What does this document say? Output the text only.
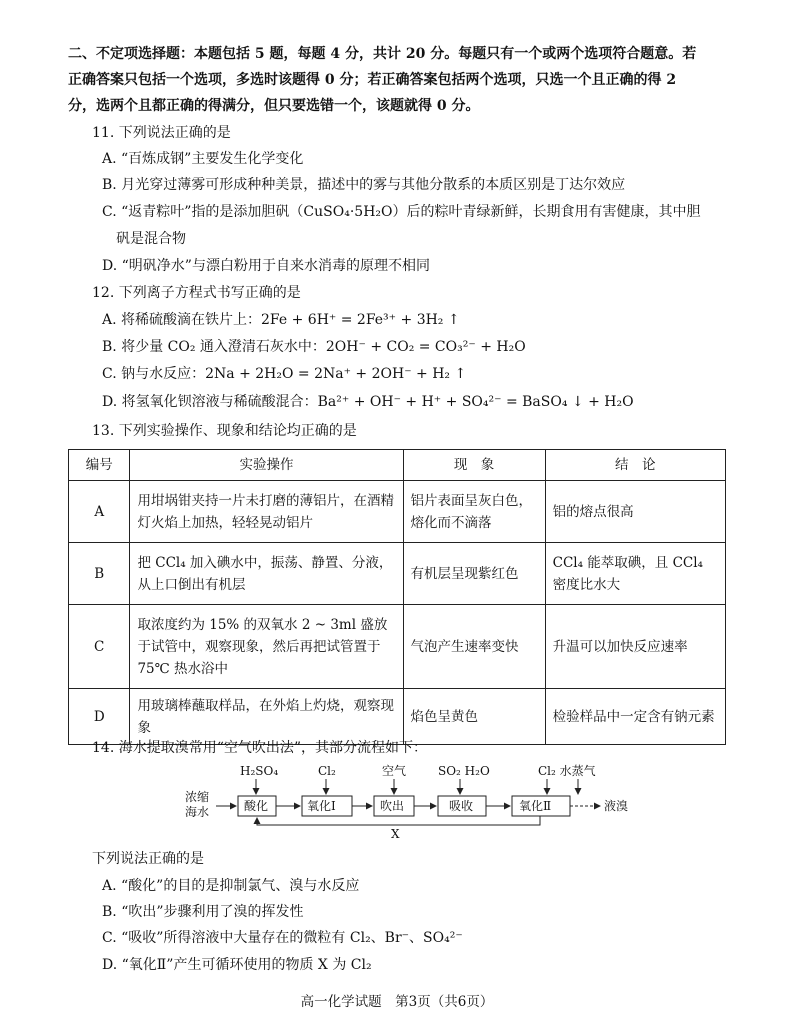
二、不定项选择题：本题包括 5 题，每题 4 分，共计 20 分。每题只有一个或两个选项符合题意。若
正确答案只包括一个选项，多选时该题得 0 分；若正确答案包括两个选项，只选一个且正确的得 2
分，选两个且都正确的得满分，但只要选错一个，该题就得 0 分。
11. 下列说法正确的是
A. “百炼成钢”主要发生化学变化
B. 月光穿过薄雾可形成种种美景，描述中的雾与其他分散系的本质区别是丁达尔效应
C. “返青粽叶”指的是添加胆矾（CuSO₄·5H₂O）后的粽叶青绿新鲜，长期食用有害健康，其中胆
矾是混合物
D. “明矾净水”与漂白粉用于自来水消毒的原理不相同
12. 下列离子方程式书写正确的是
A. 将稀硫酸滴在铁片上：2Fe + 6H⁺ = 2Fe³⁺ + 3H₂ ↑
B. 将少量 CO₂ 通入澄清石灰水中：2OH⁻ + CO₂ = CO₃²⁻ + H₂O
C. 钠与水反应：2Na + 2H₂O = 2Na⁺ + 2OH⁻ + H₂ ↑
D. 将氢氧化钡溶液与稀硫酸混合：Ba²⁺ + OH⁻ + H⁺ + SO₄²⁻ = BaSO₄ ↓ + H₂O
13. 下列实验操作、现象和结论均正确的是
编号	实验操作	现　象	结　论
A	用坩埚钳夹持一片未打磨的薄铝片，在酒精灯火焰上加热，轻轻晃动铝片	铝片表面呈灰白色，熔化而不滴落	铝的熔点很高
B	把 CCl₄ 加入碘水中，振荡、静置、分液，从上口倒出有机层	有机层呈现紫红色	CCl₄ 能萃取碘，且 CCl₄ 密度比水大
C	取浓度约为 15% 的双氧水 2 ~ 3ml 盛放于试管中，观察现象，然后再把试管置于 75℃ 热水浴中	气泡产生速率变快	升温可以加快反应速率
D	用玻璃棒蘸取样品，在外焰上灼烧，观察现象	焰色呈黄色	检验样品中一定含有钠元素
14. 海水提取溴常用“空气吹出法”，其部分流程如下：
浓缩
海水
H₂SO₄	Cl₂	空气	SO₂ H₂O	Cl₂ 水蒸气
酸化	氧化Ⅰ	吹出	吸收	氧化Ⅱ	液溴
X
下列说法正确的是
A. “酸化”的目的是抑制氯气、溴与水反应
B. “吹出”步骤利用了溴的挥发性
C. “吸收”所得溶液中大量存在的微粒有 Cl₂、Br⁻、SO₄²⁻
D. “氧化Ⅱ”产生可循环使用的物质 X 为 Cl₂
高一化学试题　第3页（共6页）
